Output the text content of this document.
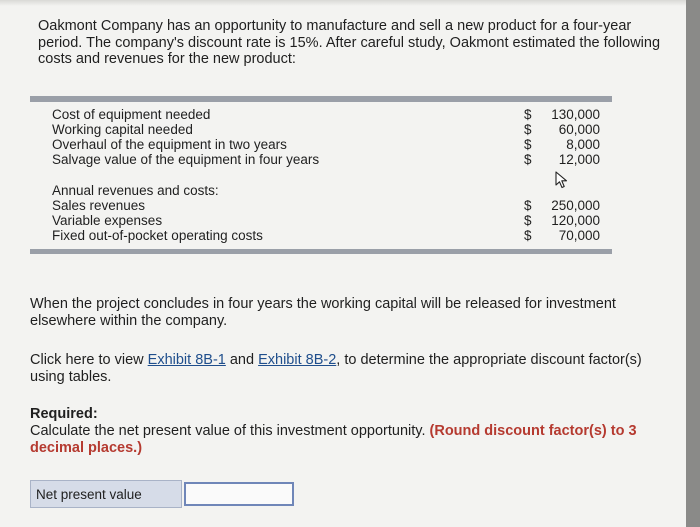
Oakmont Company has an opportunity to manufacture and sell a new product for a four-year
period. The company's discount rate is 15%. After careful study, Oakmont estimated the following
costs and revenues for the new product:

Cost of equipment needed	$	130,000
Working capital needed	$	60,000
Overhaul of the equipment in two years	$	8,000
Salvage value of the equipment in four years	$	12,000
Annual revenues and costs:
Sales revenues	$	250,000
Variable expenses	$	120,000
Fixed out-of-pocket operating costs	$	70,000

When the project concludes in four years the working capital will be released for investment
elsewhere within the company.

Click here to view Exhibit 8B-1 and Exhibit 8B-2, to determine the appropriate discount factor(s)
using tables.

Required:
Calculate the net present value of this investment opportunity. (Round discount factor(s) to 3
decimal places.)

Net present value
